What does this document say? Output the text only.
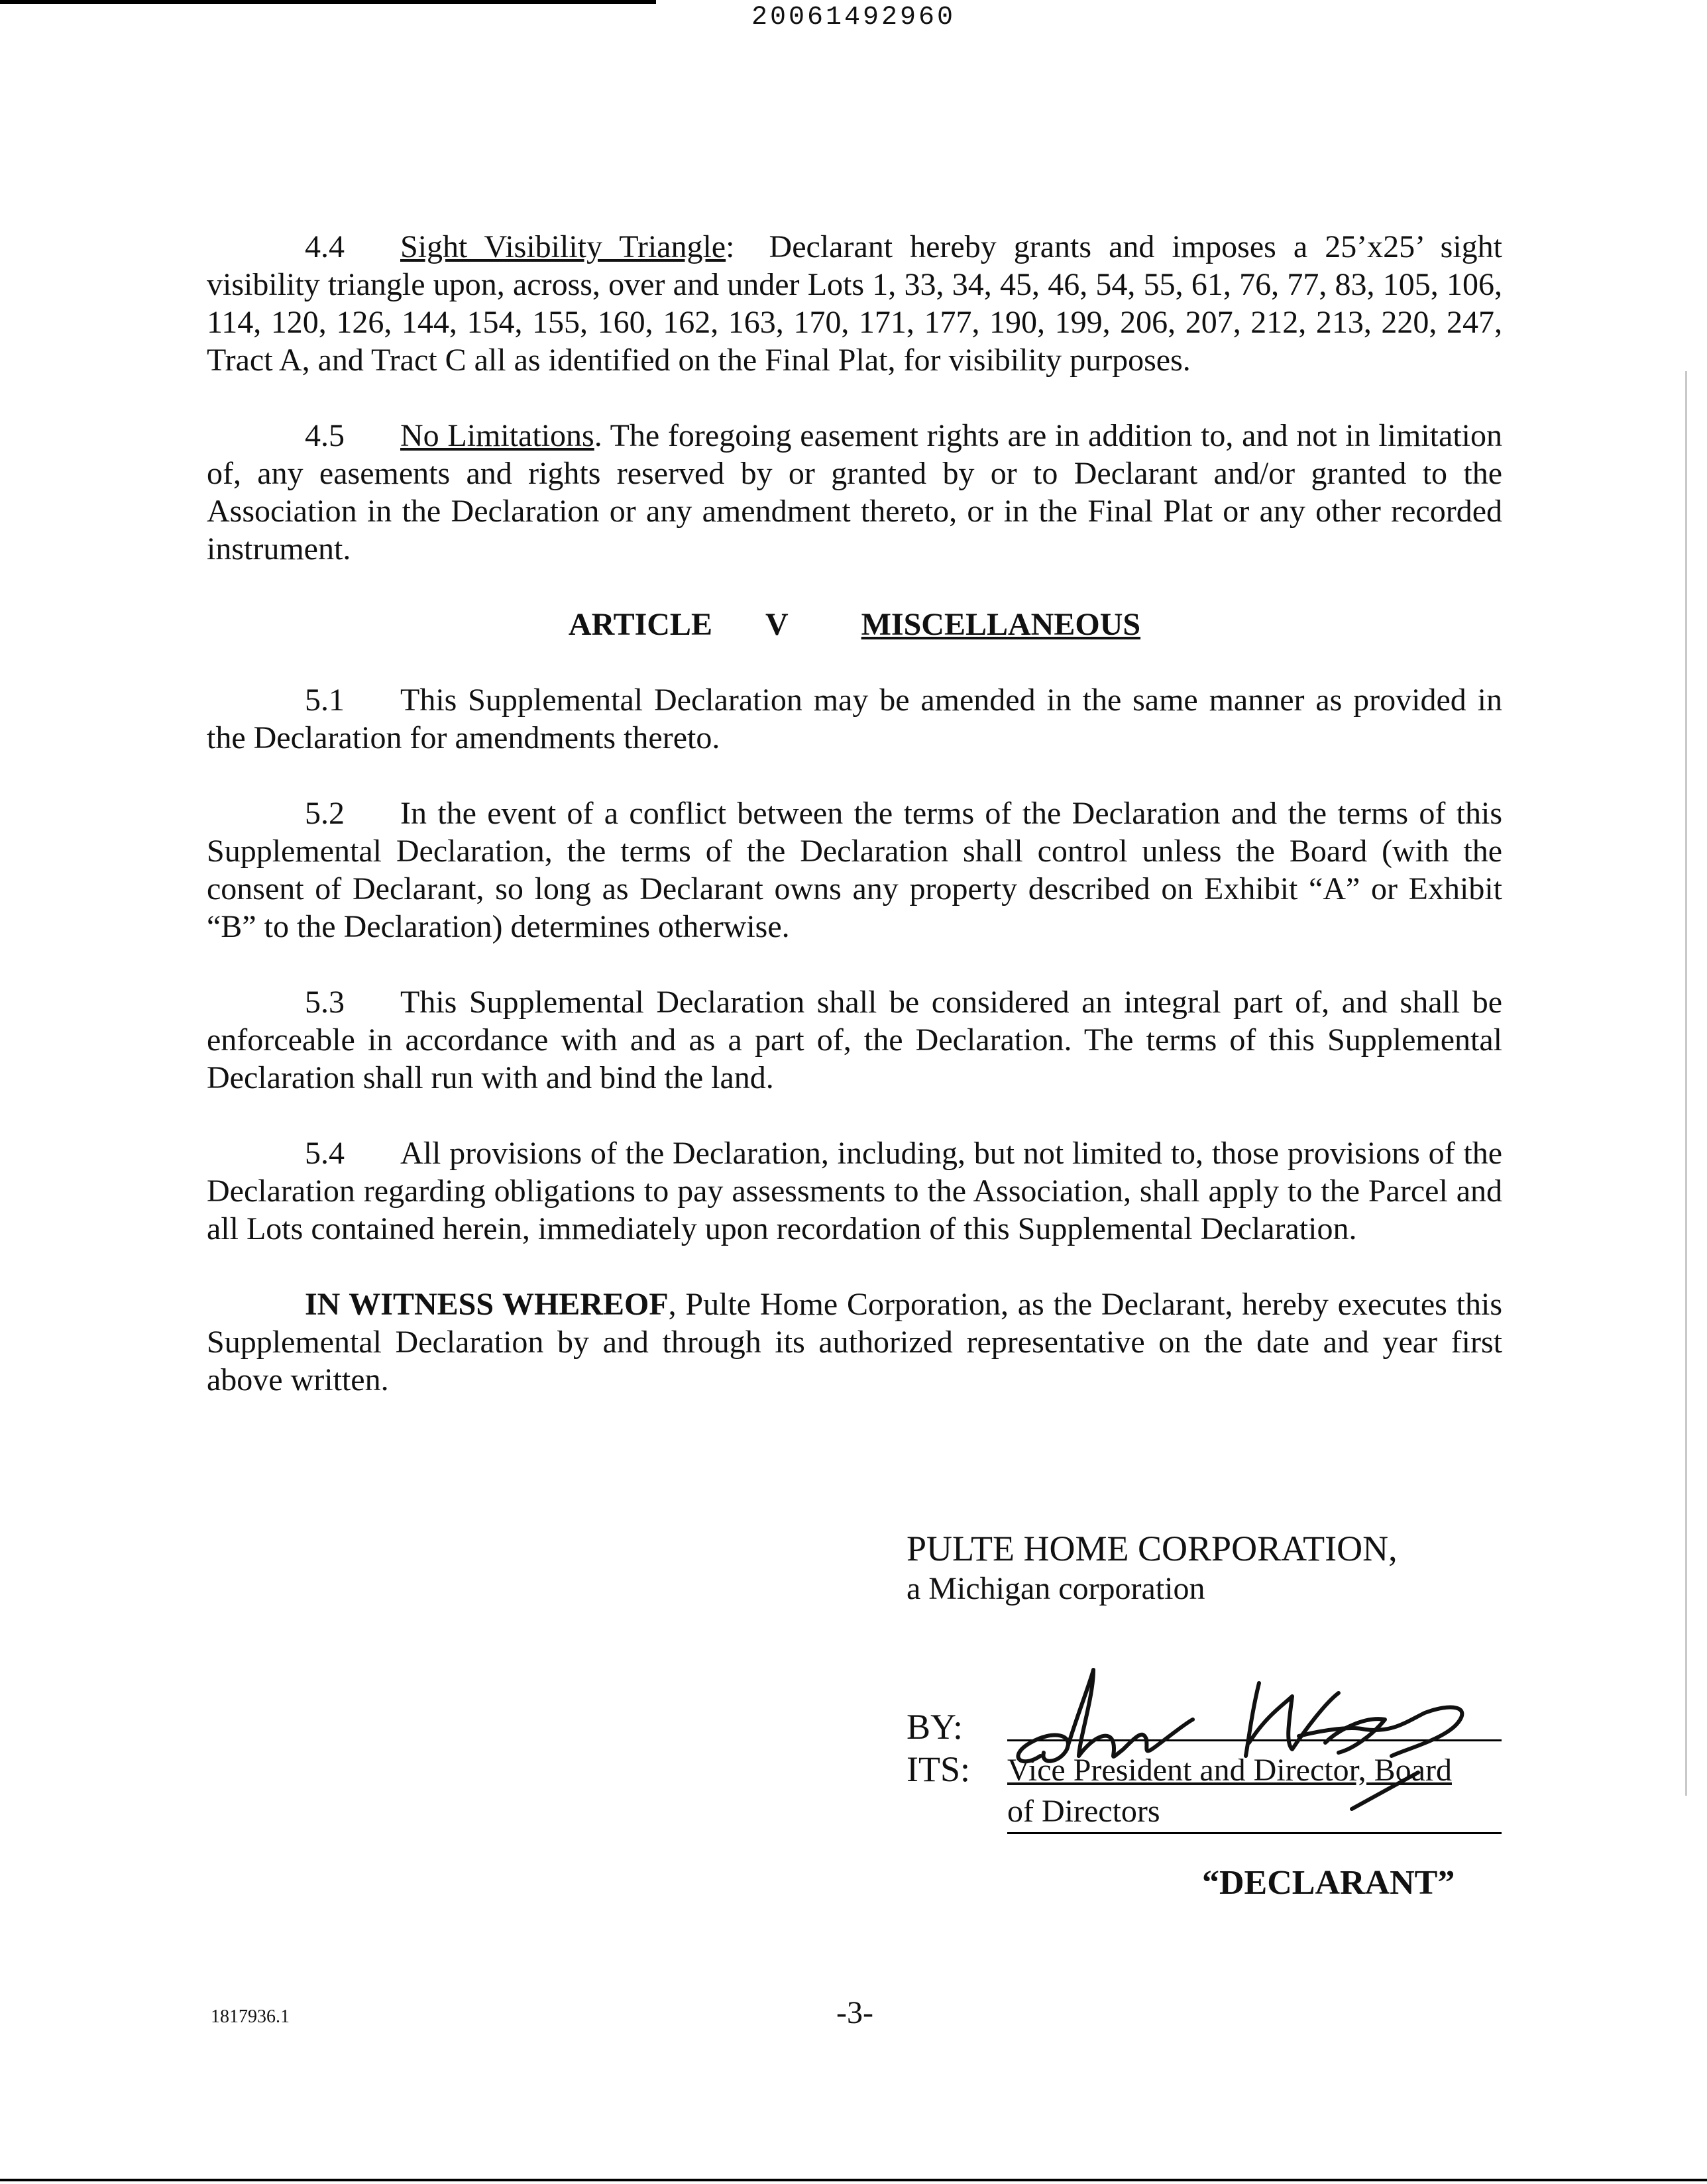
20061492960

4.4 Sight Visibility Triangle: Declarant hereby grants and imposes a 25’x25’ sight visibility triangle upon, across, over and under Lots 1, 33, 34, 45, 46, 54, 55, 61, 76, 77, 83, 105, 106, 114, 120, 126, 144, 154, 155, 160, 162, 163, 170, 171, 177, 190, 199, 206, 207, 212, 213, 220, 247, Tract A, and Tract C all as identified on the Final Plat, for visibility purposes.

4.5 No Limitations. The foregoing easement rights are in addition to, and not in limitation of, any easements and rights reserved by or granted by or to Declarant and/or granted to the Association in the Declaration or any amendment thereto, or in the Final Plat or any other recorded instrument.

ARTICLE V MISCELLANEOUS

5.1 This Supplemental Declaration may be amended in the same manner as provided in the Declaration for amendments thereto.

5.2 In the event of a conflict between the terms of the Declaration and the terms of this Supplemental Declaration, the terms of the Declaration shall control unless the Board (with the consent of Declarant, so long as Declarant owns any property described on Exhibit “A” or Exhibit “B” to the Declaration) determines otherwise.

5.3 This Supplemental Declaration shall be considered an integral part of, and shall be enforceable in accordance with and as a part of, the Declaration. The terms of this Supplemental Declaration shall run with and bind the land.

5.4 All provisions of the Declaration, including, but not limited to, those provisions of the Declaration regarding obligations to pay assessments to the Association, shall apply to the Parcel and all Lots contained herein, immediately upon recordation of this Supplemental Declaration.

IN WITNESS WHEREOF, Pulte Home Corporation, as the Declarant, hereby executes this Supplemental Declaration by and through its authorized representative on the date and year first above written.

PULTE HOME CORPORATION,
a Michigan corporation
BY:
ITS:	Vice President and Director, Board
of Directors
“DECLARANT”
1817936.1	-3-
